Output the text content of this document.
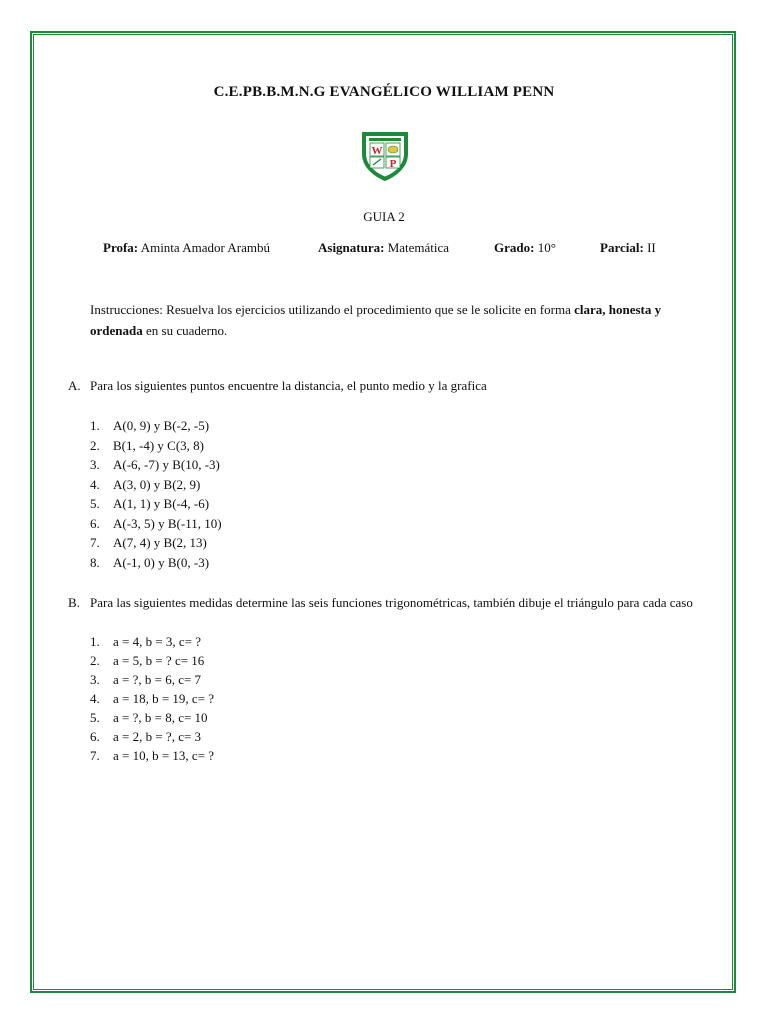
C.E.PB.B.M.N.G EVANGÉLICO WILLIAM PENN
W
P
GUIA 2
Profa: Aminta Amador Arambú	Asignatura: Matemática	Grado: 10°	Parcial: II
Instrucciones: Resuelva los ejercicios utilizando el procedimiento que se le solicite en forma clara, honesta y ordenada en su cuaderno.
A. Para los siguientes puntos encuentre la distancia, el punto medio y la grafica
1. A(0, 9) y B(-2, -5)
2. B(1, -4) y C(3, 8)
3. A(-6, -7) y B(10, -3)
4. A(3, 0) y B(2, 9)
5. A(1, 1) y B(-4, -6)
6. A(-3, 5) y B(-11, 10)
7. A(7, 4) y B(2, 13)
8. A(-1, 0) y B(0, -3)
B. Para las siguientes medidas determine las seis funciones trigonométricas, también dibuje el triángulo para cada caso
1. a = 4, b = 3, c= ?
2. a = 5, b = ? c= 16
3. a = ?, b = 6, c= 7
4. a = 18, b = 19, c= ?
5. a = ?, b = 8, c= 10
6. a = 2, b = ?, c= 3
7. a = 10, b = 13, c= ?
